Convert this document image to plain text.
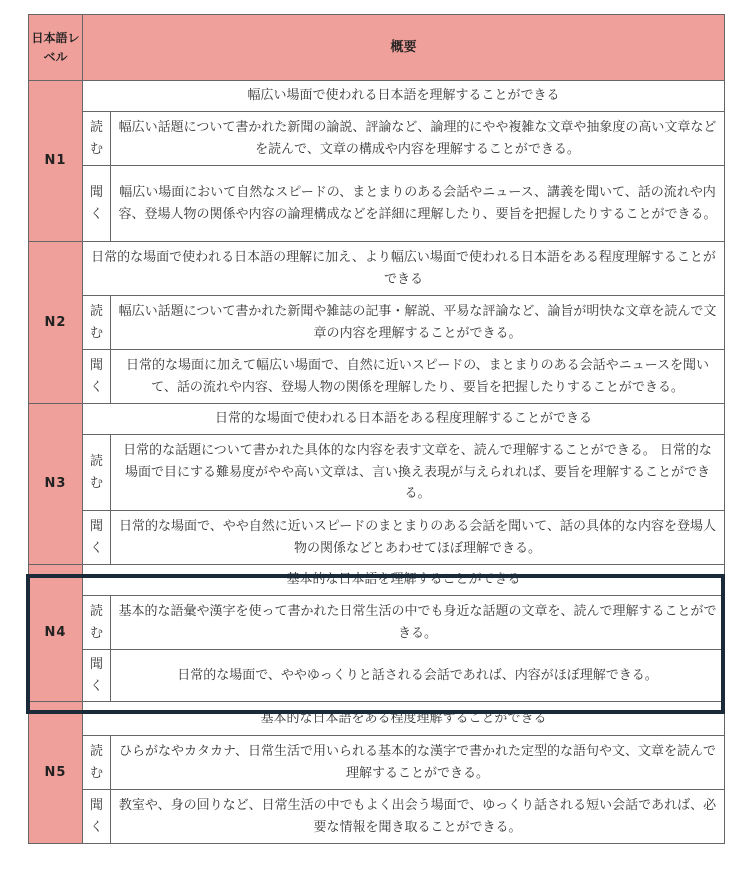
日本語レベル	概要	
N1	幅広い場面で使われる日本語を理解することができる	
	読む	幅広い話題について書かれた新聞の論説、評論など、論理的にやや複雑な文章や抽象度の高い文章などを読んで、文章の構成や内容を理解することができる。
	聞く	幅広い場面において自然なスピードの、まとまりのある会話やニュース、講義を聞いて、話の流れや内容、登場人物の関係や内容の論理構成などを詳細に理解したり、要旨を把握したりすることができる。
N2	日常的な場面で使われる日本語の理解に加え、より幅広い場面で使われる日本語をある程度理解することができる	
	読む	幅広い話題について書かれた新聞や雑誌の記事・解説、平易な評論など、論旨が明快な文章を読んで文章の内容を理解することができる。
	聞く	日常的な場面に加えて幅広い場面で、自然に近いスピードの、まとまりのある会話やニュースを聞いて、話の流れや内容、登場人物の関係を理解したり、要旨を把握したりすることができる。
N3	日常的な場面で使われる日本語をある程度理解することができる	
	読む	日常的な話題について書かれた具体的な内容を表す文章を、読んで理解することができる。 日常的な場面で目にする難易度がやや高い文章は、言い換え表現が与えられれば、要旨を理解することができる。
	聞く	日常的な場面で、やや自然に近いスピードのまとまりのある会話を聞いて、話の具体的な内容を登場人物の関係などとあわせてほぼ理解できる。
N4	基本的な日本語を理解することができる	
	読む	基本的な語彙や漢字を使って書かれた日常生活の中でも身近な話題の文章を、読んで理解することができる。
	聞く	日常的な場面で、ややゆっくりと話される会話であれば、内容がほぼ理解できる。
N5	基本的な日本語をある程度理解することができる	
	読む	ひらがなやカタカナ、日常生活で用いられる基本的な漢字で書かれた定型的な語句や文、文章を読んで理解することができる。
	聞く	教室や、身の回りなど、日常生活の中でもよく出会う場面で、ゆっくり話される短い会話であれば、必要な情報を聞き取ることができる。
